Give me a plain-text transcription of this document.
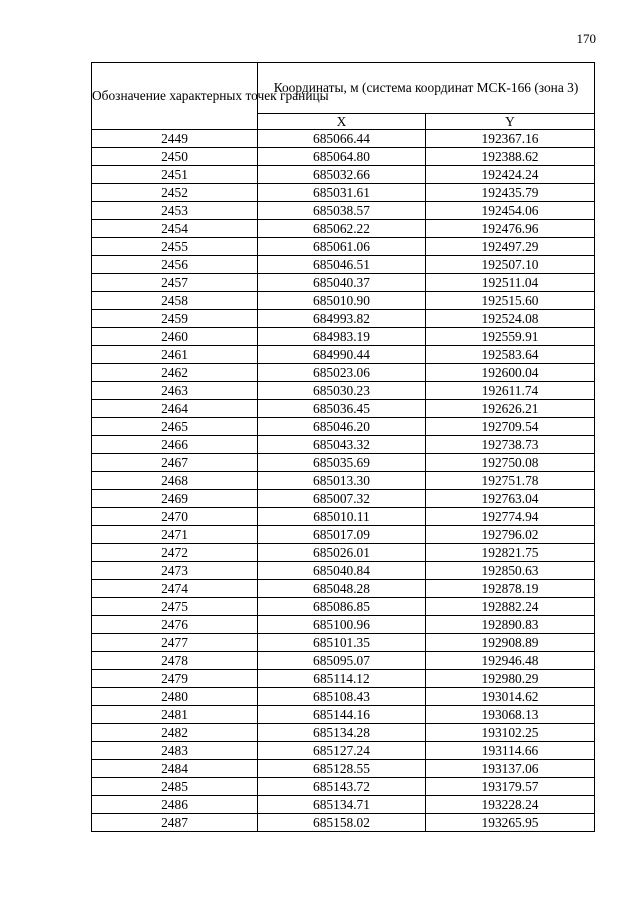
170
Обозначение характерных точек границы	Координаты, м (система координат МСК-166 (зона 3)	
	X	Y
2449	685066.44	192367.16
2450	685064.80	192388.62
2451	685032.66	192424.24
2452	685031.61	192435.79
2453	685038.57	192454.06
2454	685062.22	192476.96
2455	685061.06	192497.29
2456	685046.51	192507.10
2457	685040.37	192511.04
2458	685010.90	192515.60
2459	684993.82	192524.08
2460	684983.19	192559.91
2461	684990.44	192583.64
2462	685023.06	192600.04
2463	685030.23	192611.74
2464	685036.45	192626.21
2465	685046.20	192709.54
2466	685043.32	192738.73
2467	685035.69	192750.08
2468	685013.30	192751.78
2469	685007.32	192763.04
2470	685010.11	192774.94
2471	685017.09	192796.02
2472	685026.01	192821.75
2473	685040.84	192850.63
2474	685048.28	192878.19
2475	685086.85	192882.24
2476	685100.96	192890.83
2477	685101.35	192908.89
2478	685095.07	192946.48
2479	685114.12	192980.29
2480	685108.43	193014.62
2481	685144.16	193068.13
2482	685134.28	193102.25
2483	685127.24	193114.66
2484	685128.55	193137.06
2485	685143.72	193179.57
2486	685134.71	193228.24
2487	685158.02	193265.95
